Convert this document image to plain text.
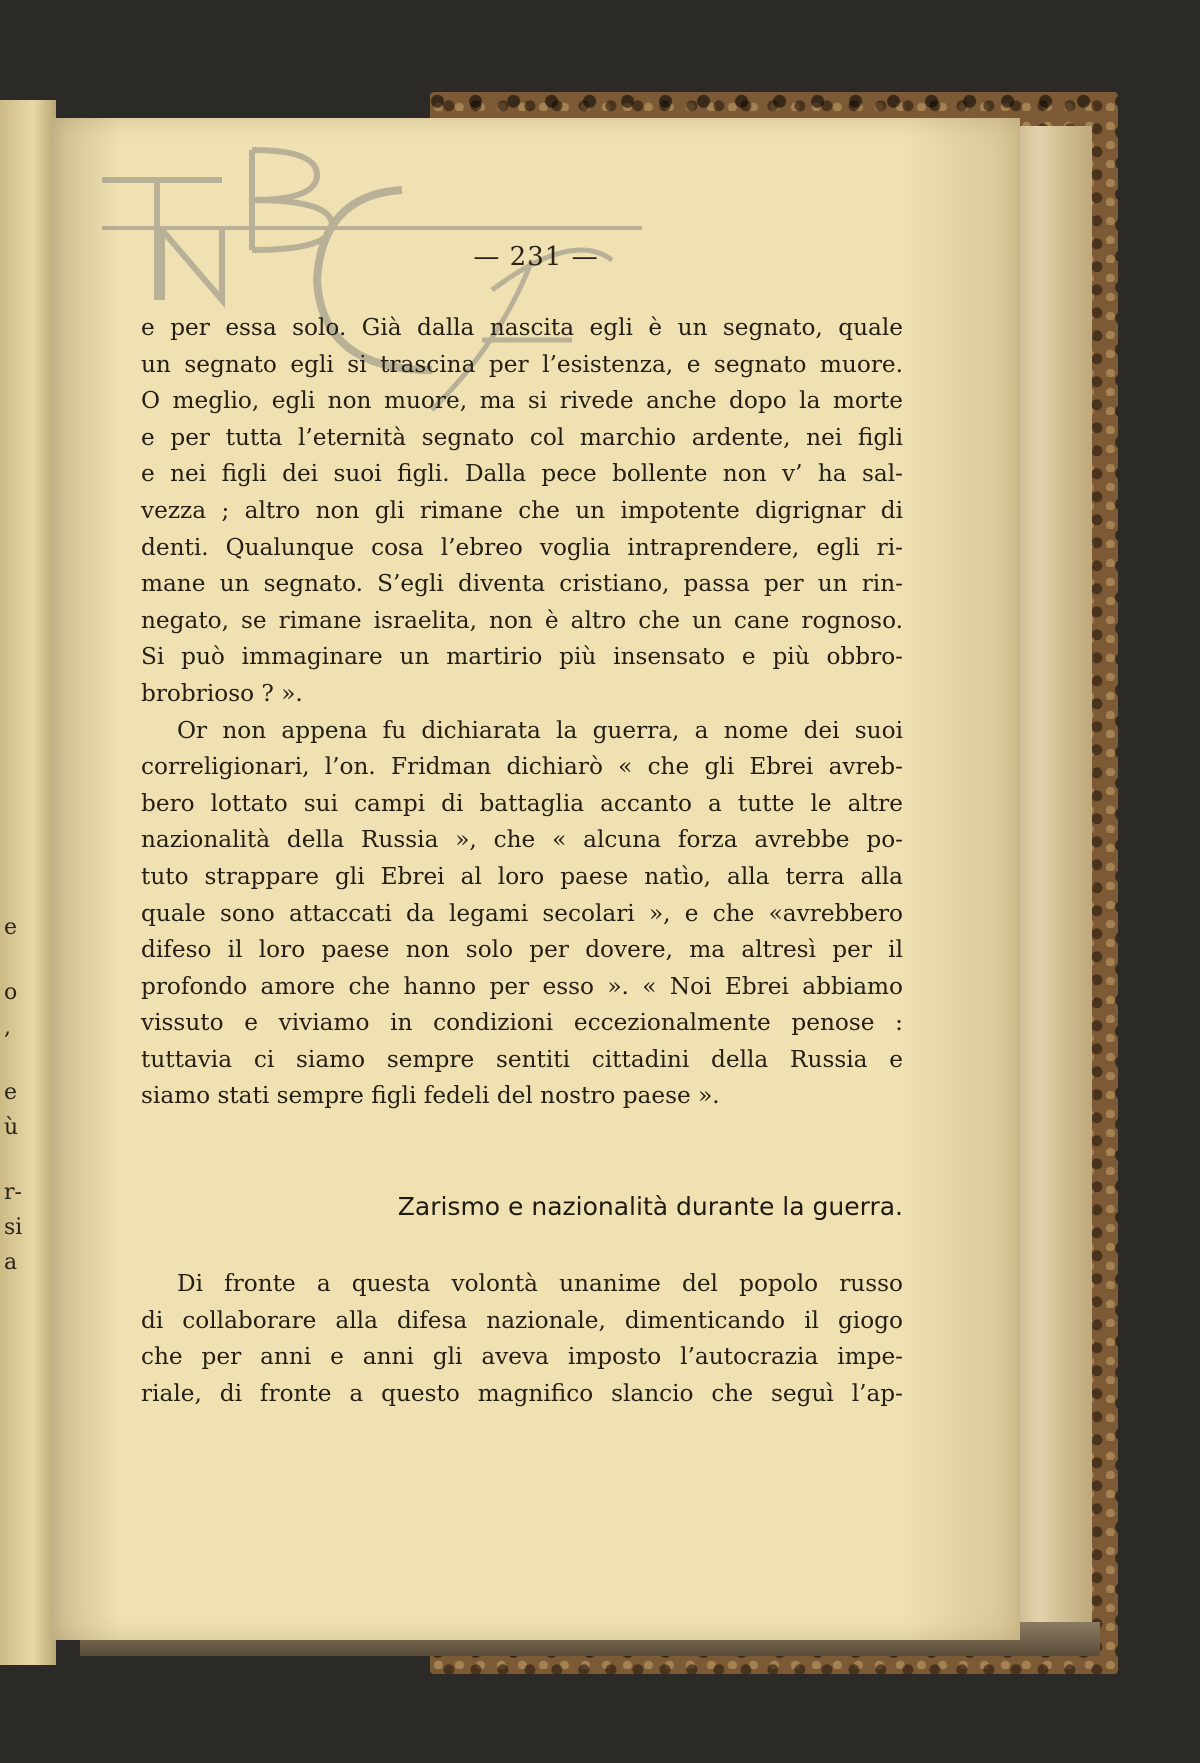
e
o
,
e
ù
r-
si
a
— 231 —
e per essa solo. Già dalla nascita egli è un segnato, quale
un segnato egli si trascina per l’esistenza, e segnato muore.
O meglio, egli non muore, ma si rivede anche dopo la morte
e per tutta l’eternità segnato col marchio ardente, nei figli
e nei figli dei suoi figli. Dalla pece bollente non v’ ha sal-
vezza ; altro non gli rimane che un impotente digrignar di
denti. Qualunque cosa l’ebreo voglia intraprendere, egli ri-
mane un segnato. S’egli diventa cristiano, passa per un rin-
negato, se rimane israelita, non è altro che un cane rognoso.
Si può immaginare un martirio più insensato e più obbro-
brobrioso ? ».
Or non appena fu dichiarata la guerra, a nome dei suoi
correligionari, l’on. Fridman dichiarò « che gli Ebrei avreb-
bero lottato sui campi di battaglia accanto a tutte le altre
nazionalità della Russia », che « alcuna forza avrebbe po-
tuto strappare gli Ebrei al loro paese natìo, alla terra alla
quale sono attaccati da legami secolari », e che «avrebbero
difeso il loro paese non solo per dovere, ma altresì per il
profondo amore che hanno per esso ». « Noi Ebrei abbiamo
vissuto e viviamo in condizioni eccezionalmente penose :
tuttavia ci siamo sempre sentiti cittadini della Russia e
siamo stati sempre figli fedeli del nostro paese ».
Zarismo e nazionalità durante la guerra.
Di fronte a questa volontà unanime del popolo russo
di collaborare alla difesa nazionale, dimenticando il giogo
che per anni e anni gli aveva imposto l’autocrazia impe-
riale, di fronte a questo magnifico slancio che seguì l’ap-
